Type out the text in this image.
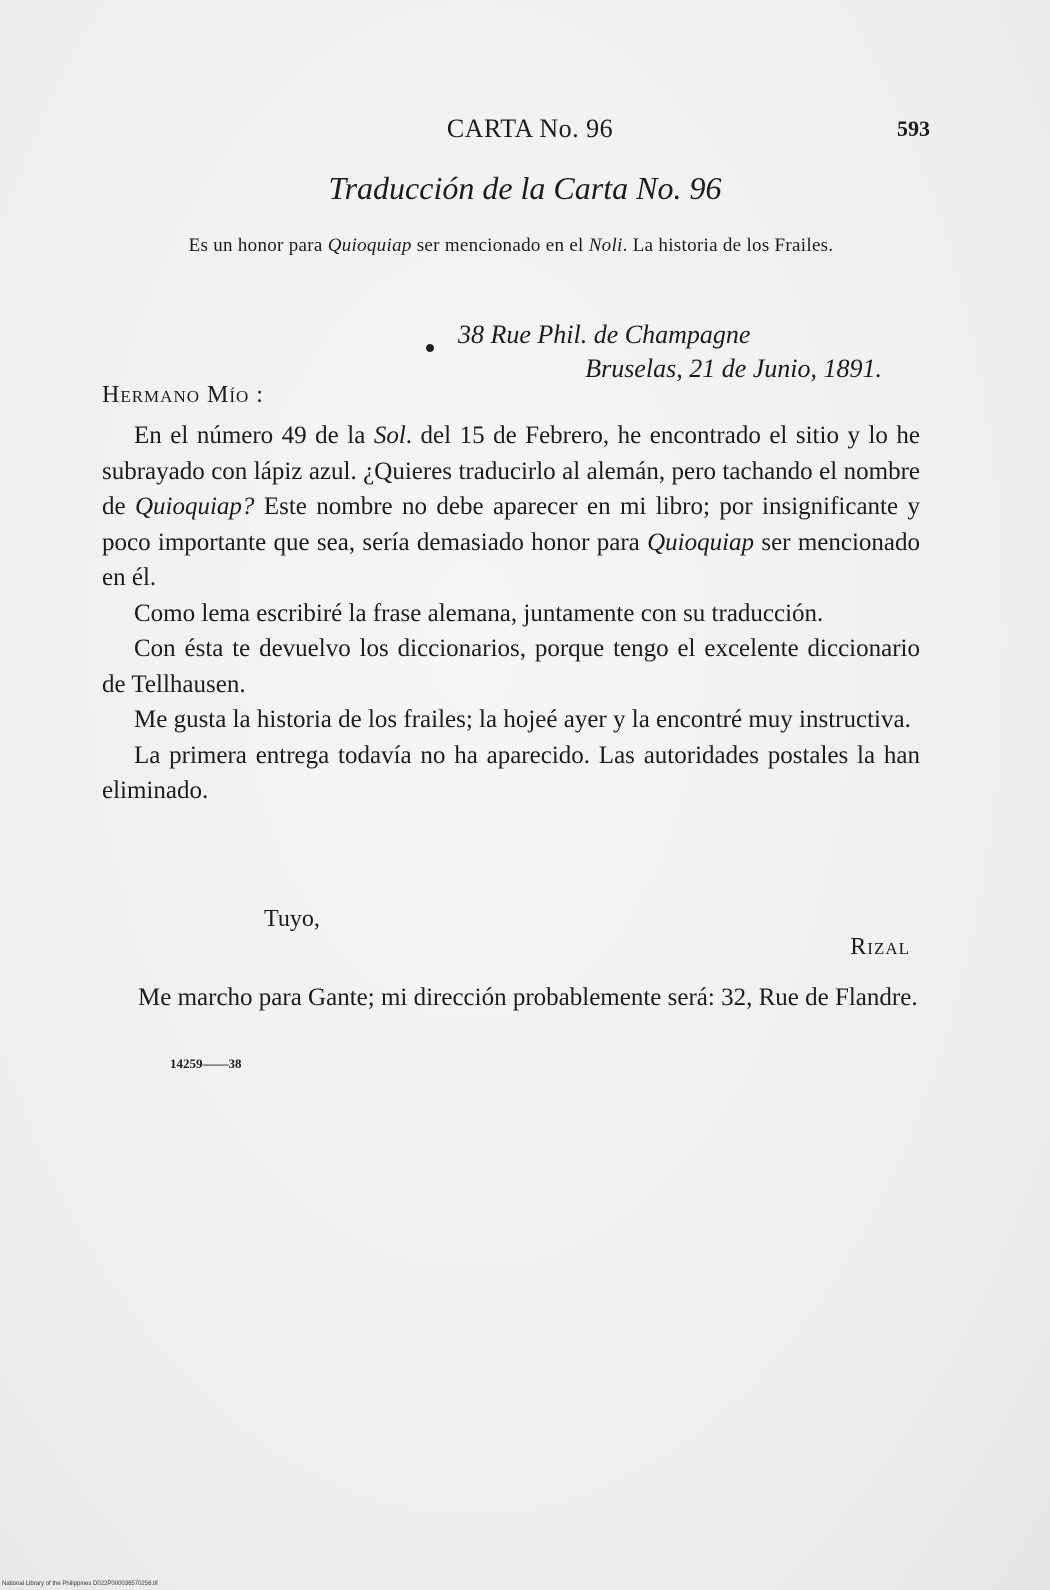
CARTA No. 96	593
Traducción de la Carta No. 96
Es un honor para Quioquiap ser mencionado en el Noli. La historia de los Frailes.
38 Rue Phil. de Champagne
Bruselas, 21 de Junio, 1891.
Hermano Mío :

En el número 49 de la Sol. del 15 de Febrero, he encontrado el sitio y lo he subrayado con lápiz azul. ¿Quieres traducirlo al alemán, pero tachando el nombre de Quioquiap? Este nombre no debe aparecer en mi libro; por insignificante y poco importante que sea, sería demasiado honor para Quioquiap ser mencionado en él.

Como lema escribiré la frase alemana, juntamente con su traducción.

Con ésta te devuelvo los diccionarios, porque tengo el excelente diccionario de Tellhausen.

Me gusta la historia de los frailes; la hojeé ayer y la encontré muy instructiva.

La primera entrega todavía no ha aparecido. Las autoridades postales la han eliminado.

Tuyo,
Rizal

Me marcho para Gante; mi dirección probablemente será: 32, Rue de Flandre.

14259——38
National Library of the Philippines D022P000036570256.tif
